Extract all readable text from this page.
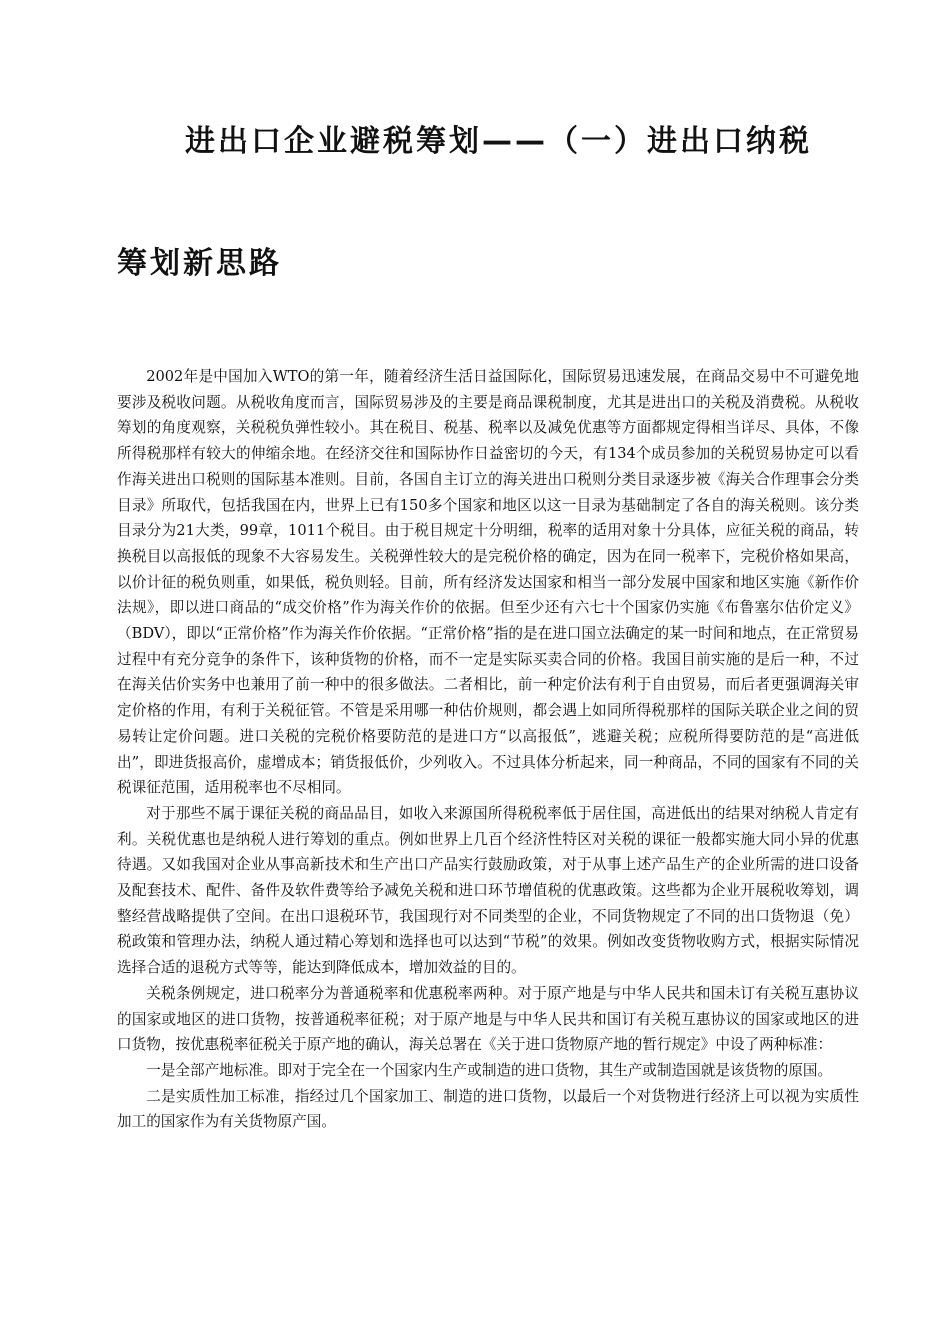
进出口企业避税筹划——（一）进出口纳税
筹划新思路

2002年是中国加入WTO的第一年，随着经济生活日益国际化，国际贸易迅速发展，在商品交易中不可避免地要涉及税收问题。从税收角度而言，国际贸易涉及的主要是商品课税制度，尤其是进出口的关税及消费税。从税收筹划的角度观察，关税税负弹性较小。其在税目、税基、税率以及减免优惠等方面都规定得相当详尽、具体，不像所得税那样有较大的伸缩余地。在经济交往和国际协作日益密切的今天，有134个成员参加的关税贸易协定可以看作海关进出口税则的国际基本准则。目前，各国自主订立的海关进出口税则分类目录逐步被《海关合作理事会分类目录》所取代，包括我国在内，世界上已有150多个国家和地区以这一目录为基础制定了各自的海关税则。该分类目录分为21大类，99章，1011个税目。由于税目规定十分明细，税率的适用对象十分具体，应征关税的商品，转换税目以高报低的现象不大容易发生。关税弹性较大的是完税价格的确定，因为在同一税率下，完税价格如果高，以价计征的税负则重，如果低，税负则轻。目前，所有经济发达国家和相当一部分发展中国家和地区实施《新作价法规》，即以进口商品的“成交价格”作为海关作价的依据。但至少还有六七十个国家仍实施《布鲁塞尔估价定义》（BDV），即以“正常价格”作为海关作价依据。“正常价格”指的是在进口国立法确定的某一时间和地点，在正常贸易过程中有充分竞争的条件下，该种货物的价格，而不一定是实际买卖合同的价格。我国目前实施的是后一种，不过在海关估价实务中也兼用了前一种中的很多做法。二者相比，前一种定价法有利于自由贸易，而后者更强调海关审定价格的作用，有利于关税征管。不管是采用哪一种估价规则，都会遇上如同所得税那样的国际关联企业之间的贸易转让定价问题。进口关税的完税价格要防范的是进口方“以高报低”，逃避关税；应税所得要防范的是“高进低出”，即进货报高价，虚增成本；销货报低价，少列收入。不过具体分析起来，同一种商品，不同的国家有不同的关税课征范围，适用税率也不尽相同。

对于那些不属于课征关税的商品品目，如收入来源国所得税税率低于居住国，高进低出的结果对纳税人肯定有利。关税优惠也是纳税人进行筹划的重点。例如世界上几百个经济性特区对关税的课征一般都实施大同小异的优惠待遇。又如我国对企业从事高新技术和生产出口产品实行鼓励政策，对于从事上述产品生产的企业所需的进口设备及配套技术、配件、备件及软件费等给予减免关税和进口环节增值税的优惠政策。这些都为企业开展税收筹划，调整经营战略提供了空间。在出口退税环节，我国现行对不同类型的企业，不同货物规定了不同的出口货物退（免）税政策和管理办法，纳税人通过精心筹划和选择也可以达到“节税”的效果。例如改变货物收购方式，根据实际情况选择合适的退税方式等等，能达到降低成本，增加效益的目的。

关税条例规定，进口税率分为普通税率和优惠税率两种。对于原产地是与中华人民共和国未订有关税互惠协议的国家或地区的进口货物，按普通税率征税；对于原产地是与中华人民共和国订有关税互惠协议的国家或地区的进口货物，按优惠税率征税关于原产地的确认，海关总署在《关于进口货物原产地的暂行规定》中设了两种标准：

一是全部产地标准。即对于完全在一个国家内生产或制造的进口货物，其生产或制造国就是该货物的原国。

二是实质性加工标准，指经过几个国家加工、制造的进口货物，以最后一个对货物进行经济上可以视为实质性加工的国家作为有关货物原产国。
